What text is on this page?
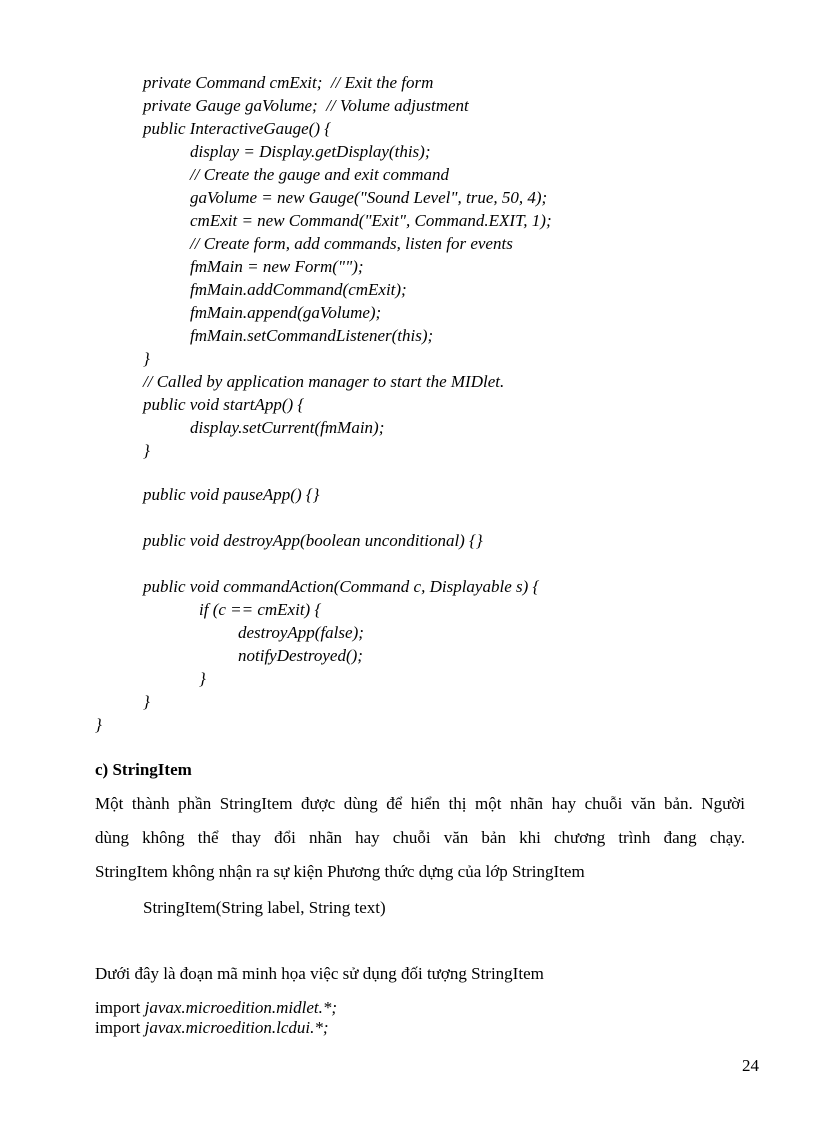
private Command cmExit;  // Exit the form
private Gauge gaVolume;  // Volume adjustment
public InteractiveGauge() {
display = Display.getDisplay(this);
// Create the gauge and exit command
gaVolume = new Gauge("Sound Level", true, 50, 4);
cmExit = new Command("Exit", Command.EXIT, 1);
// Create form, add commands, listen for events
fmMain = new Form("");
fmMain.addCommand(cmExit);
fmMain.append(gaVolume);
fmMain.setCommandListener(this);
}
// Called by application manager to start the MIDlet.
public void startApp() {
display.setCurrent(fmMain);
}
public void pauseApp() {}
public void destroyApp(boolean unconditional) {}
public void commandAction(Command c, Displayable s) {
if (c == cmExit) {
destroyApp(false);
notifyDestroyed();
}
}
}
c) StringItem
Một thành phần StringItem được dùng để hiển thị một nhãn hay chuỗi văn bản. Người
dùng không thể thay đổi nhãn hay chuỗi văn bản khi chương trình đang chạy.
StringItem không nhận ra sự kiện Phương thức dựng của lớp StringItem
StringItem(String label, String text)
Dưới đây là đoạn mã minh họa việc sử dụng đối tượng StringItem
import javax.microedition.midlet.*;
import javax.microedition.lcdui.*;
24
